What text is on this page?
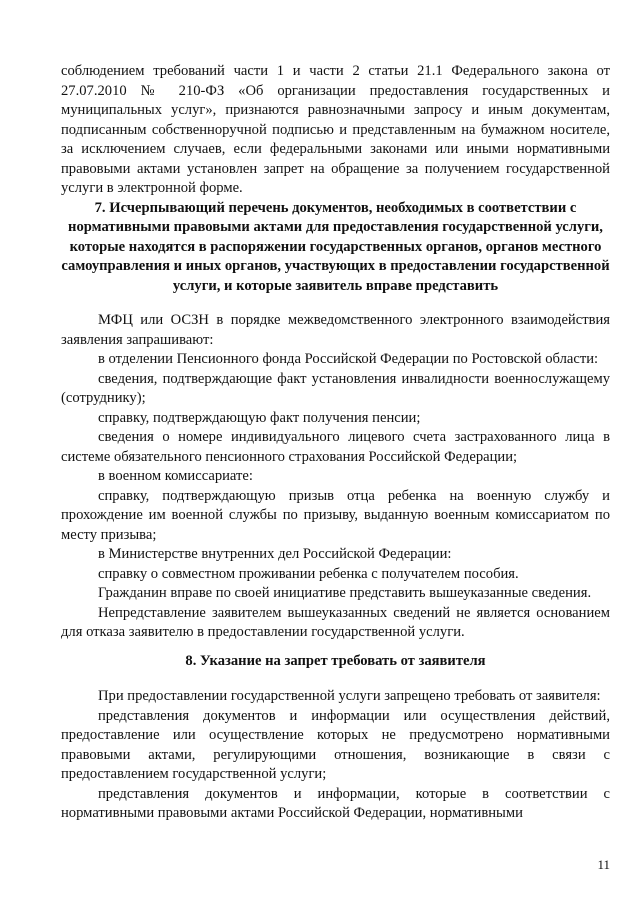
соблюдением требований части 1 и части 2 статьи 21.1 Федерального закона от 27.07.2010 № 210-ФЗ «Об организации предоставления государственных и муниципальных услуг», признаются равнозначными запросу и иным документам, подписанным собственноручной подписью и представленным на бумажном носителе, за исключением случаев, если федеральными законами или иными нормативными правовыми актами установлен запрет на обращение за получением государственной услуги в электронной форме.

7. Исчерпывающий перечень документов, необходимых в соответствии с нормативными правовыми актами для предоставления государственной услуги, которые находятся в распоряжении государственных органов, органов местного самоуправления и иных органов, участвующих в предоставлении государственной услуги, и которые заявитель вправе представить

МФЦ или ОСЗН в порядке межведомственного электронного взаимодействия заявления запрашивают:

в отделении Пенсионного фонда Российской Федерации по Ростовской области:

сведения, подтверждающие факт установления инвалидности военнослужащему (сотруднику);

справку, подтверждающую факт получения пенсии;

сведения о номере индивидуального лицевого счета застрахованного лица в системе обязательного пенсионного страхования Российской Федерации;

в военном комиссариате:

справку, подтверждающую призыв отца ребенка на военную службу и прохождение им военной службы по призыву, выданную военным комиссариатом по месту призыва;

в Министерстве внутренних дел Российской Федерации:

справку о совместном проживании ребенка с получателем пособия.

Гражданин вправе по своей инициативе представить вышеуказанные сведения.

Непредставление заявителем вышеуказанных сведений не является основанием для отказа заявителю в предоставлении государственной услуги.

8. Указание на запрет требовать от заявителя

При предоставлении государственной услуги запрещено требовать от заявителя:

представления документов и информации или осуществления действий, предоставление или осуществление которых не предусмотрено нормативными правовыми актами, регулирующими отношения, возникающие в связи с предоставлением государственной услуги;

представления документов и информации, которые в соответствии с нормативными правовыми актами Российской Федерации, нормативными

11
